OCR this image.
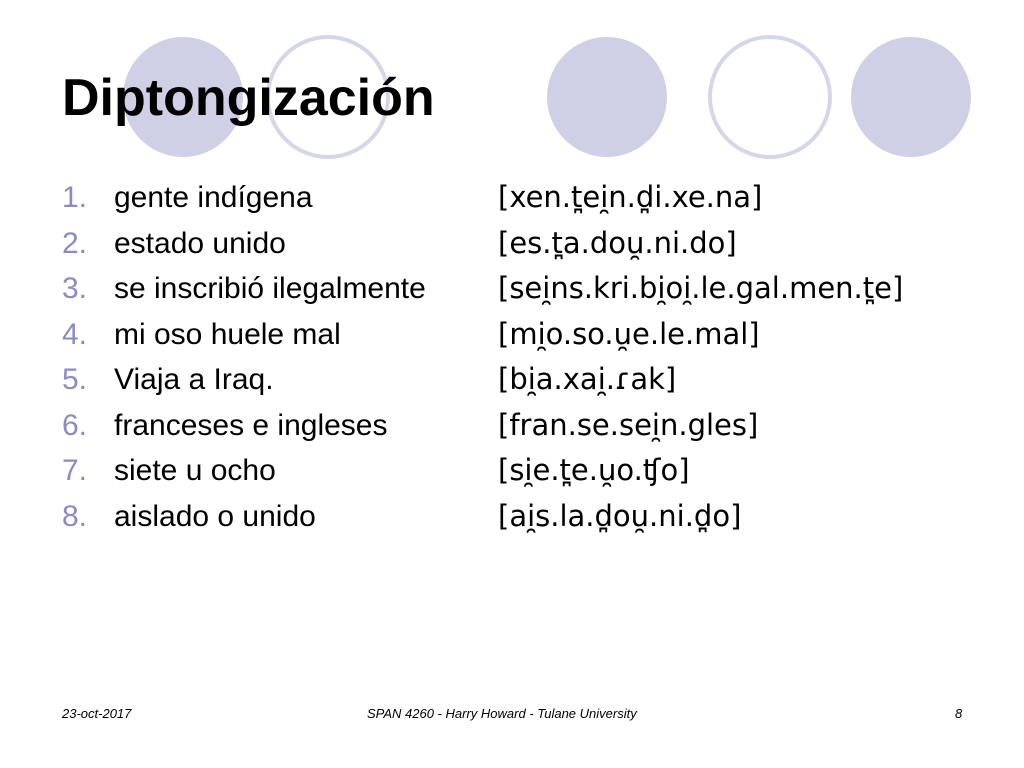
Diptongización
1. gente indígena	[xen.t̪ei̯n.d̪i.xe.na]
2. estado unido	[es.t̪a.dou̯.ni.do]
3. se inscribió ilegalmente	[sei̯ns.kri.bi̯oi̯.le.gal.men.t̪e]
4. mi oso huele mal	[mi̯o.so.u̯e.le.mal]
5. Viaja a Iraq.	[bi̯a.xai̯.ɾak]
6. franceses e ingleses	[fran.se.sei̯n.gles]
7. siete u ocho	[si̯e.t̪e.u̯o.ʧo]
8. aislado o unido	[ai̯s.la.d̪ou̯.ni.d̪o]
23-oct-2017	SPAN 4260 - Harry Howard - Tulane University	8
